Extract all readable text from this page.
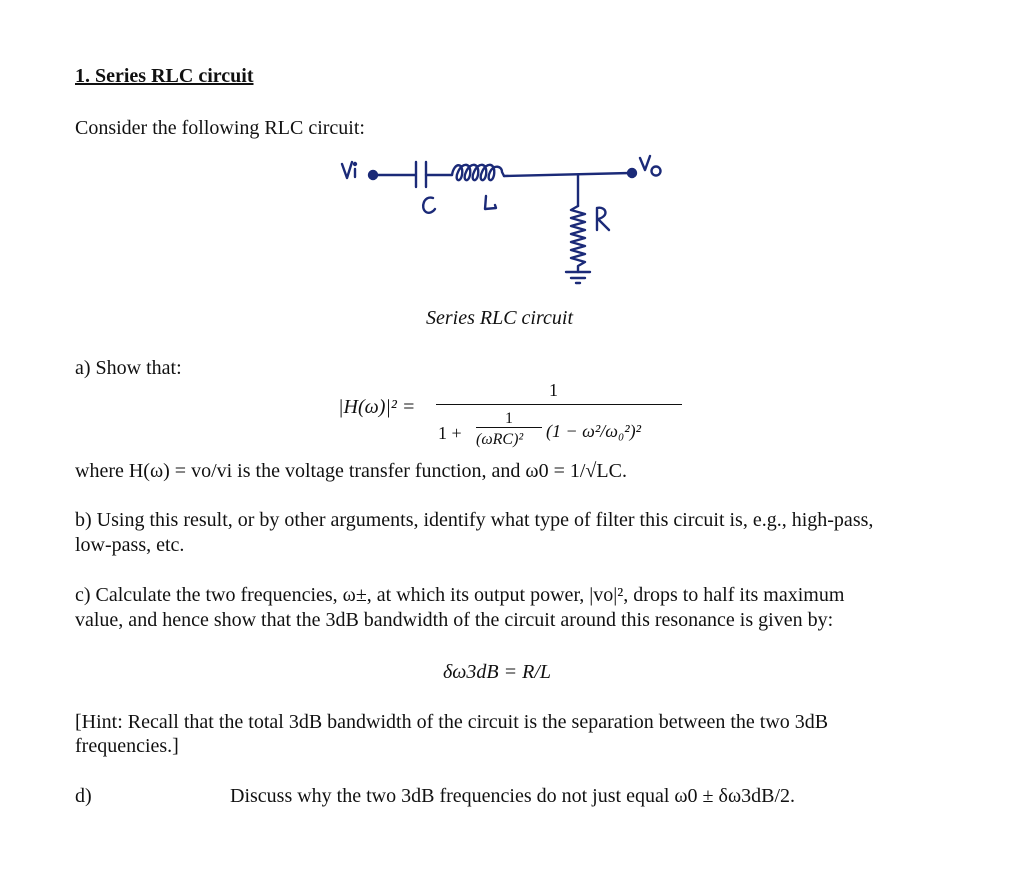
1. Series RLC circuit
Consider the following RLC circuit:
Series RLC circuit
a) Show that:
|H(ω)|² =
1
1 +
1
(ωRC)² (1 − ω²/ω₀²)²
where H(ω) = vo/vi is the voltage transfer function, and ω0 = 1/√LC.
b) Using this result, or by other arguments, identify what type of filter this circuit is, e.g., high-pass,
low-pass, etc.
c) Calculate the two frequencies, ω±, at which its output power, |vo|², drops to half its maximum
value, and hence show that the 3dB bandwidth of the circuit around this resonance is given by:
δω3dB = R/L
[Hint: Recall that the total 3dB bandwidth of the circuit is the separation between the two 3dB
frequencies.]
d)	Discuss why the two 3dB frequencies do not just equal ω0 ± δω3dB/2.
